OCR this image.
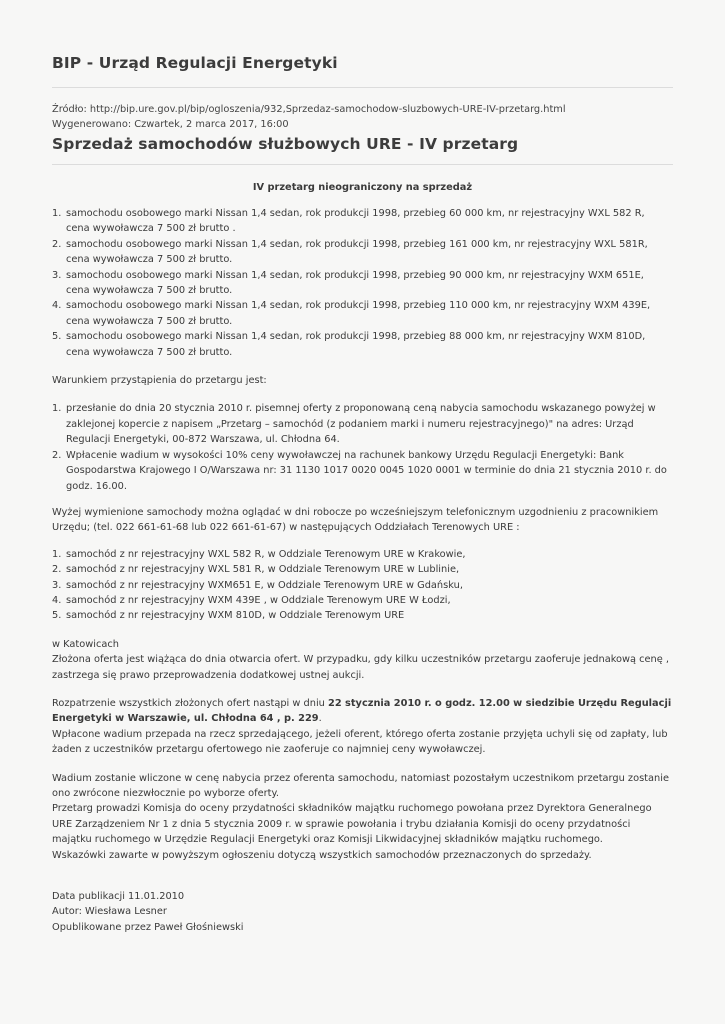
BIP - Urząd Regulacji Energetyki
Źródło: http://bip.ure.gov.pl/bip/ogloszenia/932,Sprzedaz-samochodow-sluzbowych-URE-IV-przetarg.html
Wygenerowano: Czwartek, 2 marca 2017, 16:00
Sprzedaż samochodów służbowych URE - IV przetarg
IV przetarg nieograniczony na sprzedaż
1. samochodu osobowego marki Nissan 1,4 sedan, rok produkcji 1998, przebieg 60 000 km, nr rejestracyjny WXL 582 R,
cena wywoławcza 7 500 zł brutto .
2. samochodu osobowego marki Nissan 1,4 sedan, rok produkcji 1998, przebieg 161 000 km, nr rejestracyjny WXL 581R,
cena wywoławcza 7 500 zł brutto.
3. samochodu osobowego marki Nissan 1,4 sedan, rok produkcji 1998, przebieg 90 000 km, nr rejestracyjny WXM 651E,
cena wywoławcza 7 500 zł brutto.
4. samochodu osobowego marki Nissan 1,4 sedan, rok produkcji 1998, przebieg 110 000 km, nr rejestracyjny WXM 439E,
cena wywoławcza 7 500 zł brutto.
5. samochodu osobowego marki Nissan 1,4 sedan, rok produkcji 1998, przebieg 88 000 km, nr rejestracyjny WXM 810D,
cena wywoławcza 7 500 zł brutto.

Warunkiem przystąpienia do przetargu jest:

1. przesłanie do dnia 20 stycznia 2010 r. pisemnej oferty z proponowaną ceną nabycia samochodu wskazanego powyżej w zaklejonej kopercie z napisem „Przetarg – samochód (z podaniem marki i numeru rejestracyjnego)" na adres: Urząd Regulacji Energetyki, 00-872 Warszawa, ul. Chłodna 64.
2. Wpłacenie wadium w wysokości 10% ceny wywoławczej na rachunek bankowy Urzędu Regulacji Energetyki: Bank Gospodarstwa Krajowego I O/Warszawa nr: 31 1130 1017 0020 0045 1020 0001 w terminie do dnia 21 stycznia 2010 r. do godz. 16.00.

Wyżej wymienione samochody można oglądać w dni robocze po wcześniejszym telefonicznym uzgodnieniu z pracownikiem Urzędu; (tel. 022 661-61-68 lub 022 661-61-67) w następujących Oddziałach Terenowych URE :

1. samochód z nr rejestracyjny WXL 582 R, w Oddziale Terenowym URE w Krakowie,
2. samochód z nr rejestracyjny WXL 581 R, w Oddziale Terenowym URE w Lublinie,
3. samochód z nr rejestracyjny WXM651 E, w Oddziale Terenowym URE w Gdańsku,
4. samochód z nr rejestracyjny WXM 439E , w Oddziale Terenowym URE W Łodzi,
5. samochód z nr rejestracyjny WXM 810D, w Oddziale Terenowym URE
w Katowicach
Złożona oferta jest wiążąca do dnia otwarcia ofert. W przypadku, gdy kilku uczestników przetargu zaoferuje jednakową cenę , zastrzega się prawo przeprowadzenia dodatkowej ustnej aukcji.
Rozpatrzenie wszystkich złożonych ofert nastąpi w dniu 22 stycznia 2010 r. o godz. 12.00 w siedzibie Urzędu Regulacji Energetyki w Warszawie, ul. Chłodna 64 , p. 229.
Wpłacone wadium przepada na rzecz sprzedającego, jeżeli oferent, którego oferta zostanie przyjęta uchyli się od zapłaty, lub żaden z uczestników przetargu ofertowego nie zaoferuje co najmniej ceny wywoławczej.
Wadium zostanie wliczone w cenę nabycia przez oferenta samochodu, natomiast pozostałym uczestnikom przetargu zostanie ono zwrócone niezwłocznie po wyborze oferty.
Przetarg prowadzi Komisja do oceny przydatności składników majątku ruchomego powołana przez Dyrektora Generalnego URE Zarządzeniem Nr 1 z dnia 5 stycznia 2009 r. w sprawie powołania i trybu działania Komisji do oceny przydatności majątku ruchomego w Urzędzie Regulacji Energetyki oraz Komisji Likwidacyjnej składników majątku ruchomego.
Wskazówki zawarte w powyższym ogłoszeniu dotyczą wszystkich samochodów przeznaczonych do sprzedaży.
Data publikacji 11.01.2010
Autor: Wiesława Lesner
Opublikowane przez Paweł Głośniewski
